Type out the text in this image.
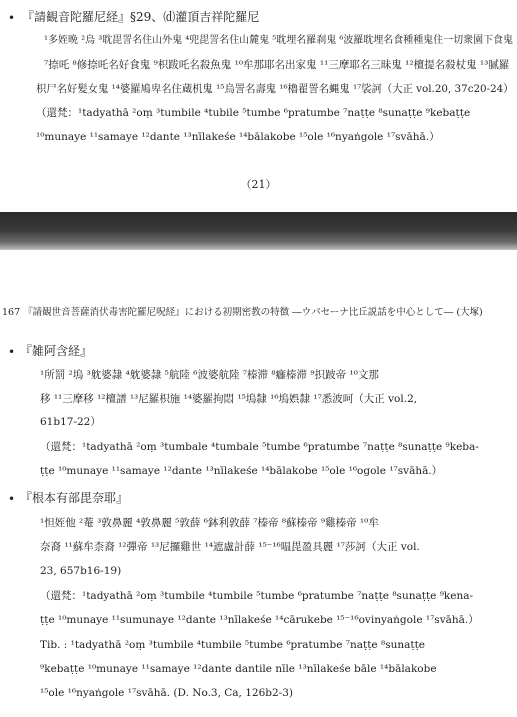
• 『請観音陀羅尼経』§29、⒟灌頂吉祥陀羅尼
¹多姪晩 ²烏 ³耽毘詈名住山外鬼 ⁴兜毘詈名住山麓鬼 ⁵耽埋名羅刹鬼 ⁶波羅耽埋名食種種鬼住一切衆園下食鬼
⁷捺吒 ⁸修捺吒名好食鬼 ⁹枳跋吒名殺魚鬼 ¹⁰牟那耶名出家鬼 ¹¹三摩耶名三昧鬼 ¹²檀提名殺杖鬼 ¹³腻羅
枳尸名好髪女鬼 ¹⁴婆羅鳩卑名住蔵机鬼 ¹⁵烏詈名壽鬼 ¹⁶櫓翟詈名蝿鬼 ¹⁷裟訶（大正 vol.20, 37c20-24）
（還梵：¹tadyathā ²oṃ ³tumbile ⁴tubile ⁵tumbe ⁶pratumbe ⁷naṭṭe ⁸sunaṭṭe ⁹kebaṭṭe
¹⁰munaye ¹¹samaye ¹²dante ¹³nīlakeśe ¹⁴bālakobe ¹⁵ole ¹⁶nyaṅgole ¹⁷svāhā.）
（21）
167 『請観世音菩薩消伏毒害陀羅尼呪経』における初期密教の特徴 ―ウパセーナ比丘説話を中心として― (大塚)
• 『雑阿含経』
¹所罰 ²塢 ³躭婆隷 ⁴躭婆隷 ⁵航陸 ⁶波婆航陸 ⁷榛滞 ⁸癰榛滞 ⁹抧跛帝 ¹⁰文那
移 ¹¹三摩移 ¹²檀譜 ¹³尼羅枳施 ¹⁴婆羅拘悶 ¹⁵塢隸 ¹⁶塢娯隸 ¹⁷悉波呵（大正 vol.2,
61b17-22）
（還梵：¹tadyathā ²oṃ ³tumbale ⁴tumbale ⁵tumbe ⁶pratumbe ⁷naṭṭe ⁸sunaṭṭe ⁹keba-
ṭṭe ¹⁰munaye ¹¹samaye ¹²dante ¹³nīlakeśe ¹⁴bālakobe ¹⁵ole ¹⁶ogole ¹⁷svāhā.）
• 『根本有部毘奈耶』
¹怛姪他 ²菴 ³敦鼻麗 ⁴敦鼻麗 ⁵敦薛 ⁶鉢利敦薛 ⁷榛帝 ⁸蘇榛帝 ⁹雞榛帝 ¹⁰牟
奈裔 ¹¹蘇牟柰裔 ¹²彈帝 ¹³尼攞雞世 ¹⁴遮盧計薛 ¹⁵⁻¹⁶嗢毘盈具麗 ¹⁷莎訶（大正 vol.
23, 657b16-19)
（還梵：¹tadyathā ²oṃ ³tumbile ⁴tumbile ⁵tumbe ⁶pratumbe ⁷naṭṭe ⁸sunaṭṭe ⁹kena-
ṭṭe ¹⁰munaye ¹¹sumunaye ¹²dante ¹³nīlakeśe ¹⁴cārukebe ¹⁵⁻¹⁶ovinyaṅgole ¹⁷svāhā.）
Tib. : ¹tadyathā ²oṃ ³tumbile ⁴tumbile ⁵tumbe ⁶pratumbe ⁷naṭṭe ⁸sunaṭṭe
⁹kebaṭṭe ¹⁰munaye ¹¹samaye ¹²dante dantile nīle ¹³nīlakeśe bāle ¹⁴bālakobe
¹⁵ole ¹⁶nyaṅgole ¹⁷svāhā. (D. No.3, Ca, 126b2-3)
